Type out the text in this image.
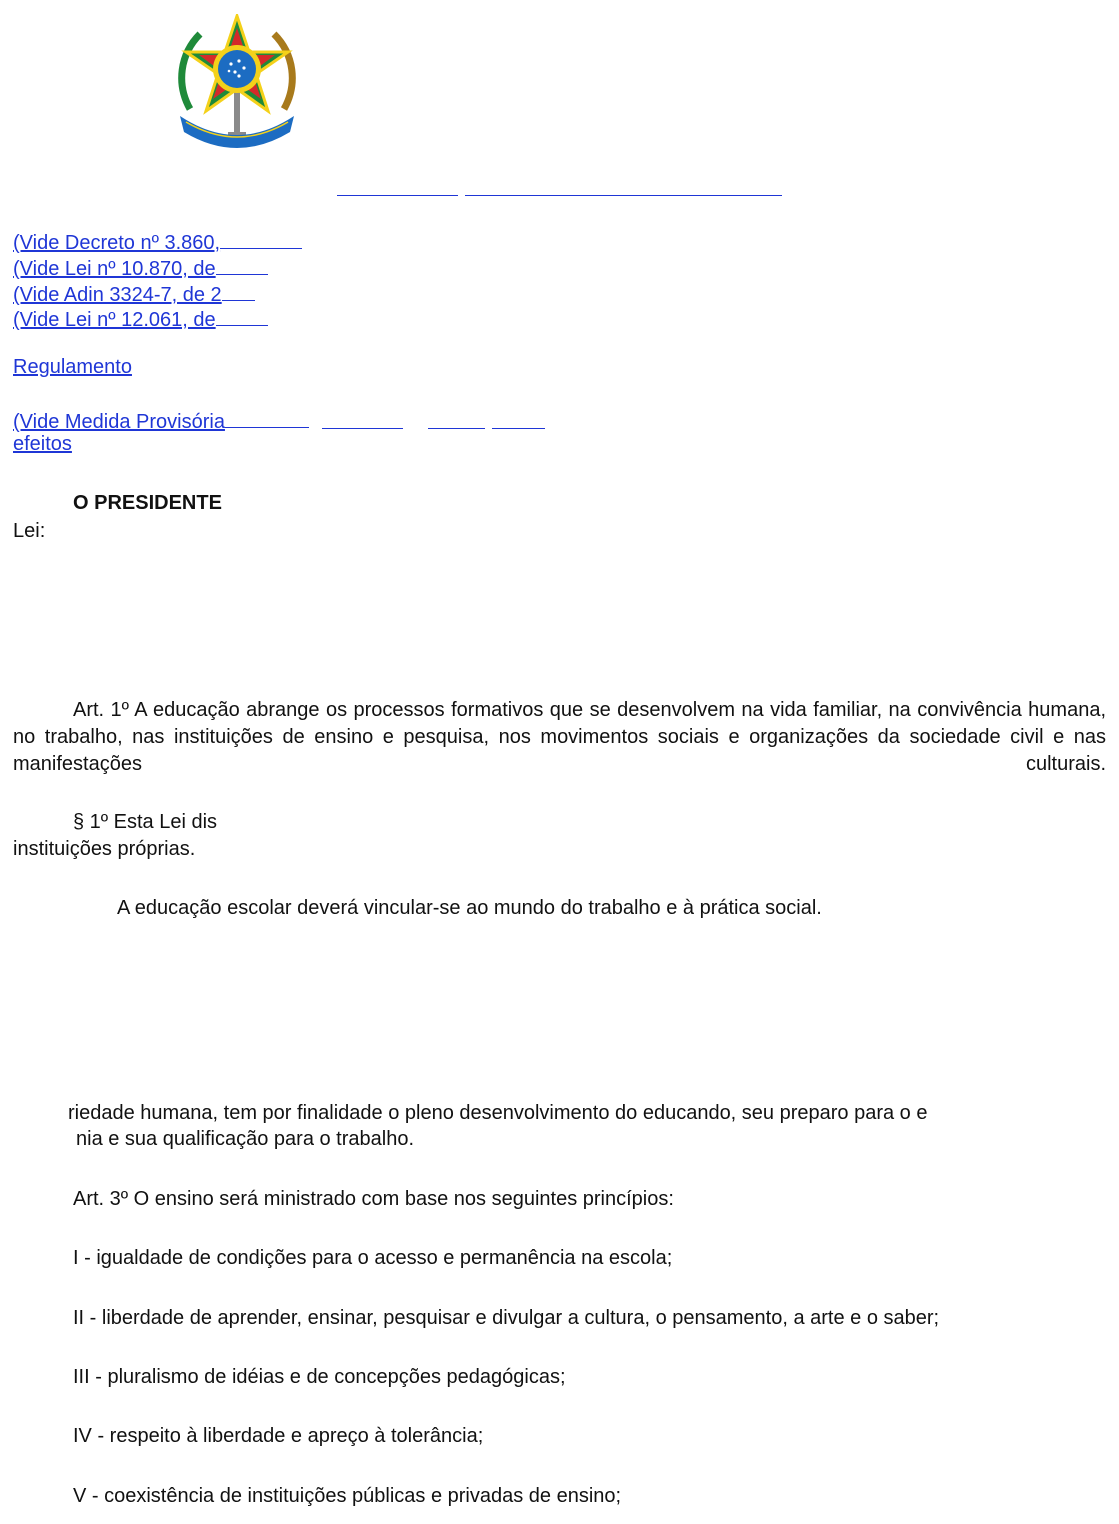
(Vide Decreto nº 3.860,
(Vide Lei nº 10.870, de
(Vide Adin 3324-7, de 2
(Vide Lei nº 12.061, de
Regulamento
(Vide Medida Provisória
efeitos
O PRESIDENTE
Lei:
Art. 1º A educação abrange os processos formativos que se desenvolvem na vida familiar, na convivência humana, no trabalho, nas instituições de ensino e pesquisa, nos movimentos sociais e organizações da sociedade civil e nas manifestações culturais.
§ 1º Esta Lei dis
instituições próprias.
A educação escolar deverá vincular-se ao mundo do trabalho e à prática social.
riedade humana, tem por finalidade o pleno desenvolvimento do educando, seu preparo para o e
nia e sua qualificação para o trabalho.
Art. 3º O ensino será ministrado com base nos seguintes princípios:
I - igualdade de condições para o acesso e permanência na escola;
II - liberdade de aprender, ensinar, pesquisar e divulgar a cultura, o pensamento, a arte e o saber;
III - pluralismo de idéias e de concepções pedagógicas;
IV - respeito à liberdade e apreço à tolerância;
V - coexistência de instituições públicas e privadas de ensino;
